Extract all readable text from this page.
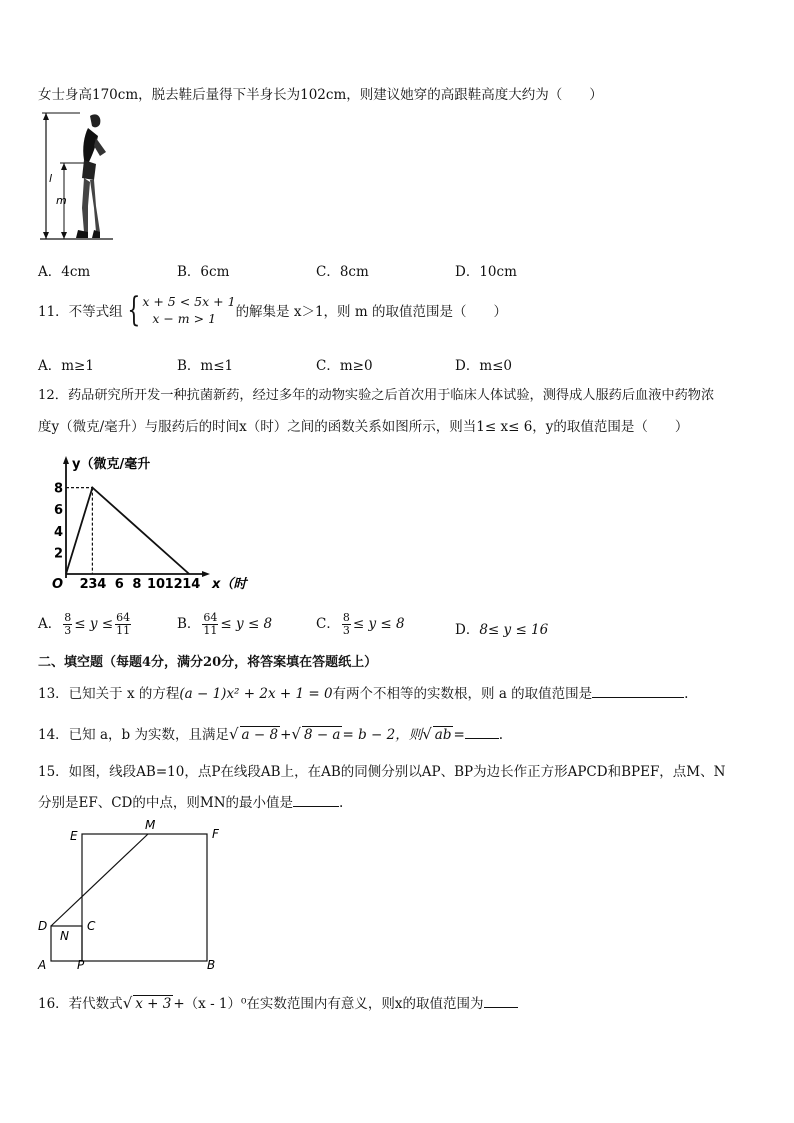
女士身高170cm，脱去鞋后量得下半身长为102cm，则建议她穿的高跟鞋高度大约为（　　）
l
m
A．4cm	B．6cm	C．8cm	D．10cm
11．不等式组 { x + 5 < 5x + 1
x − m > 1	的解集是 x＞1，则 m 的取值范围是（　　）
A．m≥1	B．m≤1	C．m≥0	D．m≤0
12．药品研究所开发一种抗菌新药，经过多年的动物实验之后首次用于临床人体试验，测得成人服药后血液中药物浓
度y（微克/毫升）与服药后的时间x（时）之间的函数关系如图所示，则当1≤ x≤ 6，y的取值范围是（　　）
y（微克/毫升
x（时
O
2
4
6
8
2 3 4 6 8 10 12 14
A． $\frac{8}{3} \le y \le \frac{64}{11}$	B． $\frac{64}{11} \le y \le 8$	C． $\frac{8}{3} \le y \le 8$	D．8≤ y ≤ 16
二、填空题（每题4分，满分20分，将答案填在答题纸上）
13．已知关于 x 的方程(a − 1)x² + 2x + 1 = 0有两个不相等的实数根，则 a 的取值范围是	.
14．已知 a，b 为实数，且满足√ a − 8 +√ 8 − a = b − 2，则√ ab =	.
15．如图，线段AB=10，点P在线段AB上，在AB的同侧分别以AP、BP为边长作正方形APCD和BPEF，点M、N
分别是EF、CD的中点，则MN的最小值是	.
E
M
F
D
N
C
A	P	B
16．若代数式√ x + 3 +（x - 1）⁰在实数范围内有意义，则x的取值范围为
